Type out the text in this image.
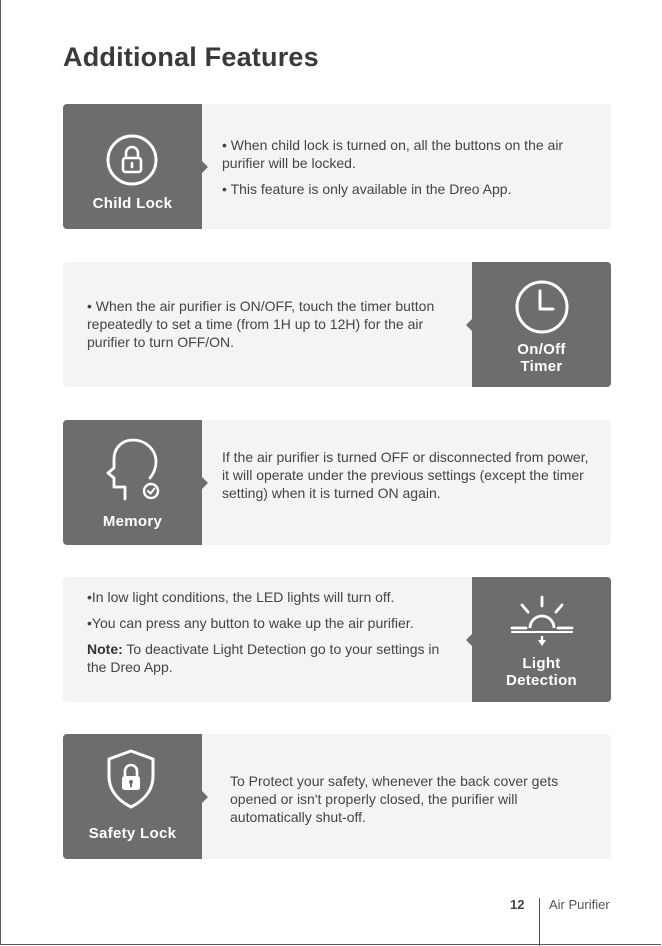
Additional Features
Child Lock

• When child lock is turned on, all the buttons on the air purifier will be locked.

• This feature is only available in the Dreo App.

On/Off
Timer

• When the air purifier is ON/OFF, touch the timer button repeatedly to set a time (from 1H up to 12H) for the air purifier to turn OFF/ON.

Memory

If the air purifier is turned OFF or disconnected from power, it will operate under the previous settings (except the timer setting) when it is turned ON again.

Light
Detection

•In low light conditions, the LED lights will turn off.

•You can press any button to wake up the air purifier.

Note: To deactivate Light Detection go to your settings in the Dreo App.

Safety Lock

To Protect your safety, whenever the back cover gets opened or isn't properly closed, the purifier will automatically shut-off.

12 Air Purifier
